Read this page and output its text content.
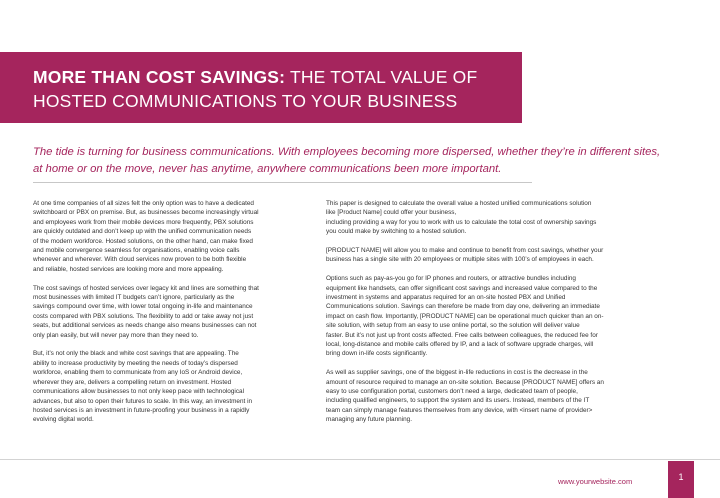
MORE THAN COST SAVINGS: THE TOTAL VALUE OF
HOSTED COMMUNICATIONS TO YOUR BUSINESS
The tide is turning for business communications. With employees becoming more dispersed, whether they’re in different sites,
at home or on the move, never has anytime, anywhere communications been more important.
At one time companies of all sizes felt the only option was to have a dedicated
switchboard or PBX on premise. But, as businesses become increasingly virtual
and employees work from their mobile devices more frequently, PBX solutions
are quickly outdated and don’t keep up with the unified communication needs
of the modern workforce. Hosted solutions, on the other hand, can make fixed
and mobile convergence seamless for organisations, enabling voice calls
whenever and wherever. With cloud services now proven to be both flexible
and reliable, hosted services are looking more and more appealing.
The cost savings of hosted services over legacy kit and lines are something that
most businesses with limited IT budgets can’t ignore, particularly as the
savings compound over time, with lower total ongoing in-life and maintenance
costs compared with PBX solutions. The flexibility to add or take away not just
seats, but additional services as needs change also means businesses can not
only plan easily, but will never pay more than they need to.
But, it’s not only the black and white cost savings that are appealing. The
ability to increase productivity by meeting the needs of today’s dispersed
workforce, enabling them to communicate from any IoS or Android device,
wherever they are, delivers a compelling return on investment. Hosted
communications allow businesses to not only keep pace with technological
advances, but also to open their futures to scale. In this way, an investment in
hosted services is an investment in future-proofing your business in a rapidly
evolving digital world.
This paper is designed to calculate the overall value a hosted unified communications solution
like [Product Name] could offer your business,
including providing a way for you to work with us to calculate the total cost of ownership savings
you could make by switching to a hosted solution.
[PRODUCT NAME] will allow you to make and continue to benefit from cost savings, whether your
business has a single site with 20 employees or multiple sites with 100’s of employees in each.
Options such as pay-as-you go for IP phones and routers, or attractive bundles including
equipment like handsets, can offer significant cost savings and increased value compared to the
investment in systems and apparatus required for an on-site hosted PBX and Unified
Communications solution. Savings can therefore be made from day one, delivering an immediate
impact on cash flow. Importantly, [PRODUCT NAME] can be operational much quicker than an on-
site solution, with setup from an easy to use online portal, so the solution will deliver value
faster. But it’s not just up front costs affected. Free calls between colleagues, the reduced fee for
local, long-distance and mobile calls offered by IP, and a lack of software upgrade charges, will
bring down in-life costs significantly.
As well as supplier savings, one of the biggest in-life reductions in cost is the decrease in the
amount of resource required to manage an on-site solution. Because [PRODUCT NAME] offers an
easy to use configuration portal, customers don’t need a large, dedicated team of people,
including qualified engineers, to support the system and its users. Instead, members of the IT
team can simply manage features themselves from any device, with <insert name of provider>
managing any future planning.
www.yourwebsite.com	1
